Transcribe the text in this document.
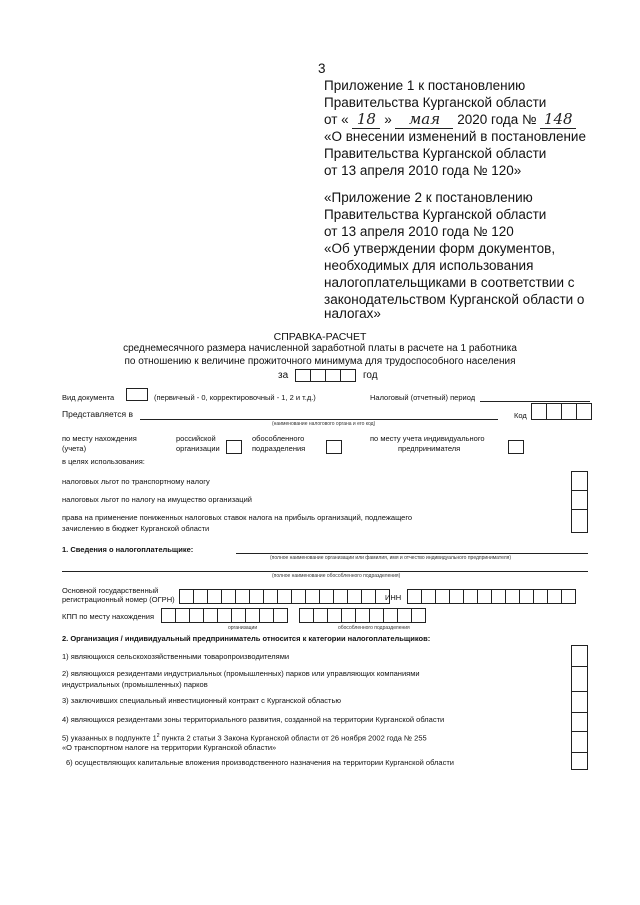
3
Приложение 1 к постановлению
Правительства Курганской области
от « 18 » мая 2020 года № 148
«О внесении изменений в постановление
Правительства Курганской области
от 13 апреля 2010 года № 120»
«Приложение 2 к постановлению
Правительства Курганской области
от 13 апреля 2010 года № 120
«Об утверждении форм документов,
необходимых для использования
налогоплательщиками в соответствии с
законодательством Курганской области о
налогах»
СПРАВКА-РАСЧЕТ
среднемесячного размера начисленной заработной платы в расчете на 1 работника
по отношению к величине прожиточного минимума для трудоспособного населения
за	год
Вид документа	(первичный - 0, корректировочный - 1, 2 и т.д.)	Налоговый (отчетный) период
Представляется в
(наименование налогового органа и его код)
Код
по месту нахождения
(учета)
российской
организации
обособленного
подразделения
по месту учета индивидуального
предпринимателя
в целях использования:
налоговых льгот по транспортному налогу
налоговых льгот по налогу на имущество организаций
права на применение пониженных налоговых ставок налога на прибыль организаций, подлежащего
зачислению в бюджет Курганской области
1. Сведения о налогоплательщике:
(полное наименование организации или фамилия, имя и отчество индивидуального предпринимателя)
(полное наименование обособленного подразделения)
Основной государственный
регистрационный номер (ОГРН)	ИНН
КПП по месту нахождения
организации	обособленного подразделения
2. Организация / индивидуальный предприниматель относится к категории налогоплательщиков:
1) являющихся сельскохозяйственными товаропроизводителями
2) являющихся резидентами индустриальных (промышленных) парков или управляющих компаниями
индустриальных (промышленных) парков
3) заключивших специальный инвестиционный контракт с Курганской областью
4) являющихся резидентами зоны территориального развития, созданной на территории Курганской области
5) указанных в подпункте $1^2$ пункта 2 статьи 3 Закона Курганской области от 26 ноября 2002 года № 255
«О транспортном налоге на территории Курганской области»
6) осуществляющих капитальные вложения производственного назначения на территории Курганской области
